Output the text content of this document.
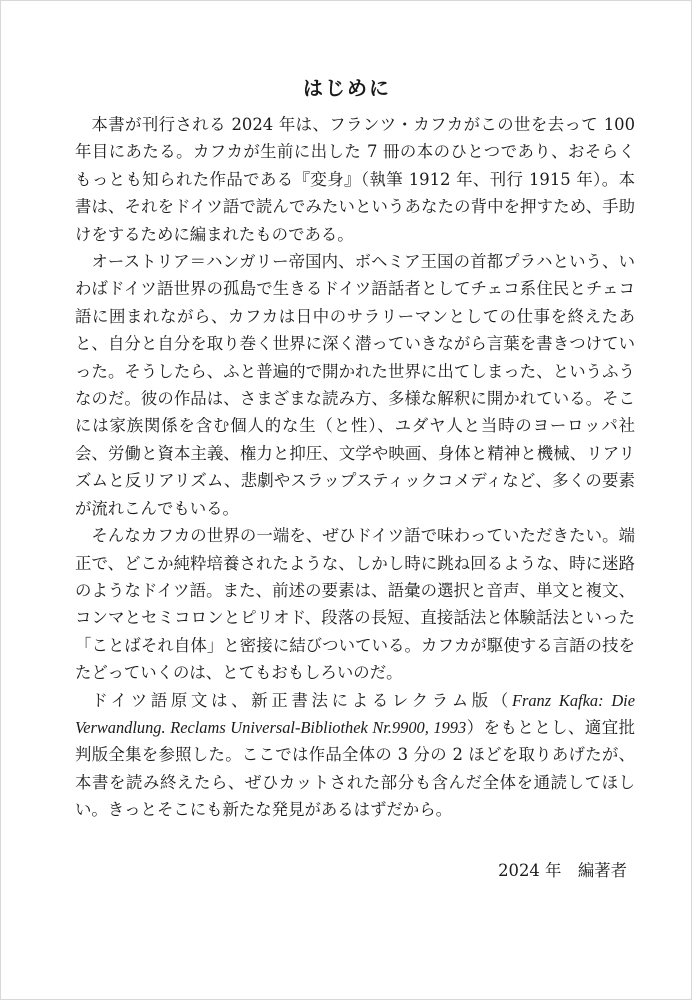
はじめに

本書が刊行される 2024 年は、フランツ・カフカがこの世を去って 100 年目にあたる。カフカが生前に出した 7 冊の本のひとつであり、おそらくもっとも知られた作品である『変身』（執筆 1912 年、刊行 1915 年）。本書は、それをドイツ語で読んでみたいというあなたの背中を押すため、手助けをするために編まれたものである。

オーストリア＝ハンガリー帝国内、ボヘミア王国の首都プラハという、いわばドイツ語世界の孤島で生きるドイツ語話者としてチェコ系住民とチェコ語に囲まれながら、カフカは日中のサラリーマンとしての仕事を終えたあと、自分と自分を取り巻く世界に深く潜っていきながら言葉を書きつけていった。そうしたら、ふと普遍的で開かれた世界に出てしまった、というふうなのだ。彼の作品は、さまざまな読み方、多様な解釈に開かれている。そこには家族関係を含む個人的な生（と性）、ユダヤ人と当時のヨーロッパ社会、労働と資本主義、権力と抑圧、文学や映画、身体と精神と機械、リアリズムと反リアリズム、悲劇やスラップスティックコメディなど、多くの要素が流れこんでもいる。

そんなカフカの世界の一端を、ぜひドイツ語で味わっていただきたい。端正で、どこか純粋培養されたような、しかし時に跳ね回るような、時に迷路のようなドイツ語。また、前述の要素は、語彙の選択と音声、単文と複文、コンマとセミコロンとピリオド、段落の長短、直接話法と体験話法といった「ことばそれ自体」と密接に結びついている。カフカが駆使する言語の技をたどっていくのは、とてもおもしろいのだ。

ドイツ語原文は、新正書法によるレクラム版（Franz Kafka: Die Verwandlung. Reclams Universal-Bibliothek Nr.9900, 1993）をもととし、適宜批判版全集を参照した。ここでは作品全体の 3 分の 2 ほどを取りあげたが、本書を読み終えたら、ぜひカットされた部分も含んだ全体を通読してほしい。きっとそこにも新たな発見があるはずだから。

2024 年　編著者
